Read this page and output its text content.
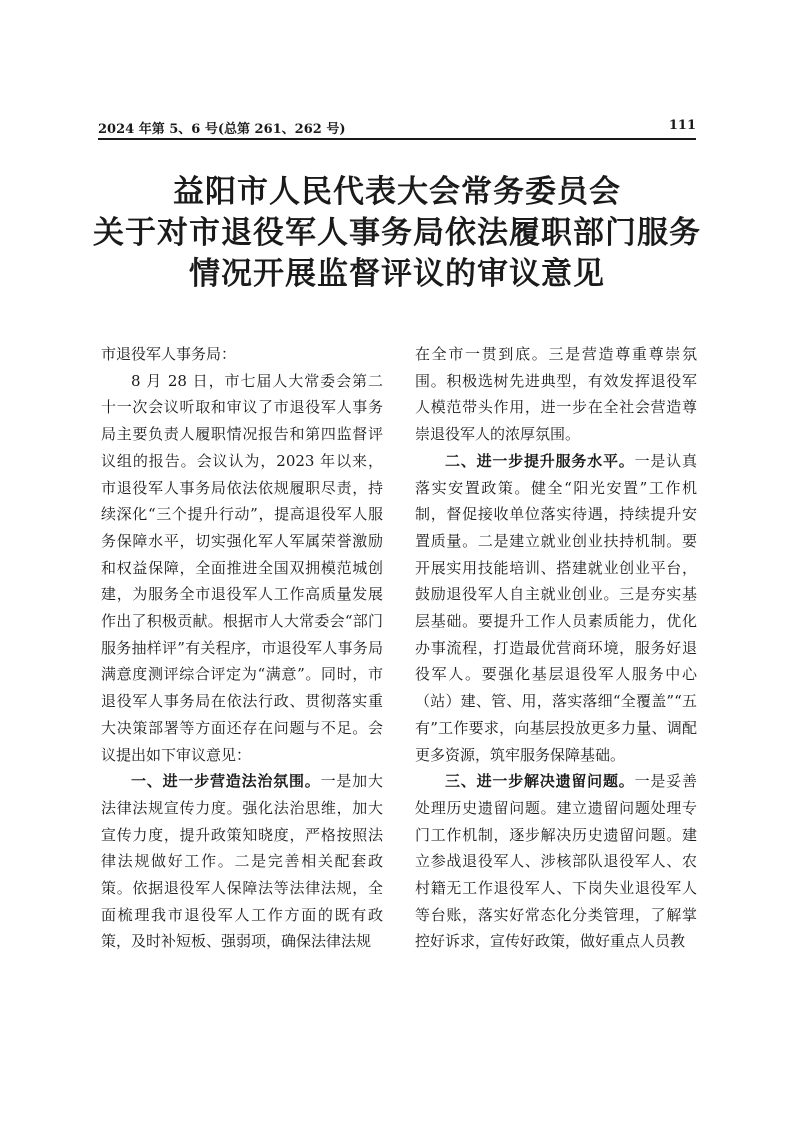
2024 年第 5、6 号(总第 261、262 号)	111
益阳市人民代表大会常务委员会
关于对市退役军人事务局依法履职部门服务
情况开展监督评议的审议意见

市退役军人事务局：

8 月 28 日，市七届人大常委会第二十一次会议听取和审议了市退役军人事务局主要负责人履职情况报告和第四监督评议组的报告。会议认为，2023 年以来，市退役军人事务局依法依规履职尽责，持续深化“三个提升行动”，提高退役军人服务保障水平，切实强化军人军属荣誉激励和权益保障，全面推进全国双拥模范城创建，为服务全市退役军人工作高质量发展作出了积极贡献。根据市人大常委会“部门服务抽样评”有关程序，市退役军人事务局满意度测评综合评定为“满意”。同时，市退役军人事务局在依法行政、贯彻落实重大决策部署等方面还存在问题与不足。会议提出如下审议意见：

一、进一步营造法治氛围。一是加大法律法规宣传力度。强化法治思维，加大宣传力度，提升政策知晓度，严格按照法律法规做好工作。二是完善相关配套政策。依据退役军人保障法等法律法规，全面梳理我市退役军人工作方面的既有政策，及时补短板、强弱项，确保法律法规

在全市一贯到底。三是营造尊重尊崇氛围。积极选树先进典型，有效发挥退役军人模范带头作用，进一步在全社会营造尊崇退役军人的浓厚氛围。

二、进一步提升服务水平。一是认真落实安置政策。健全“阳光安置”工作机制，督促接收单位落实待遇，持续提升安置质量。二是建立就业创业扶持机制。要开展实用技能培训、搭建就业创业平台，鼓励退役军人自主就业创业。三是夯实基层基础。要提升工作人员素质能力，优化办事流程，打造最优营商环境，服务好退役军人。要强化基层退役军人服务中心（站）建、管、用，落实落细“全覆盖”“五有”工作要求，向基层投放更多力量、调配更多资源，筑牢服务保障基础。

三、进一步解决遗留问题。一是妥善处理历史遗留问题。建立遗留问题处理专门工作机制，逐步解决历史遗留问题。建立参战退役军人、涉核部队退役军人、农村籍无工作退役军人、下岗失业退役军人等台账，落实好常态化分类管理，了解掌控好诉求，宣传好政策，做好重点人员教
